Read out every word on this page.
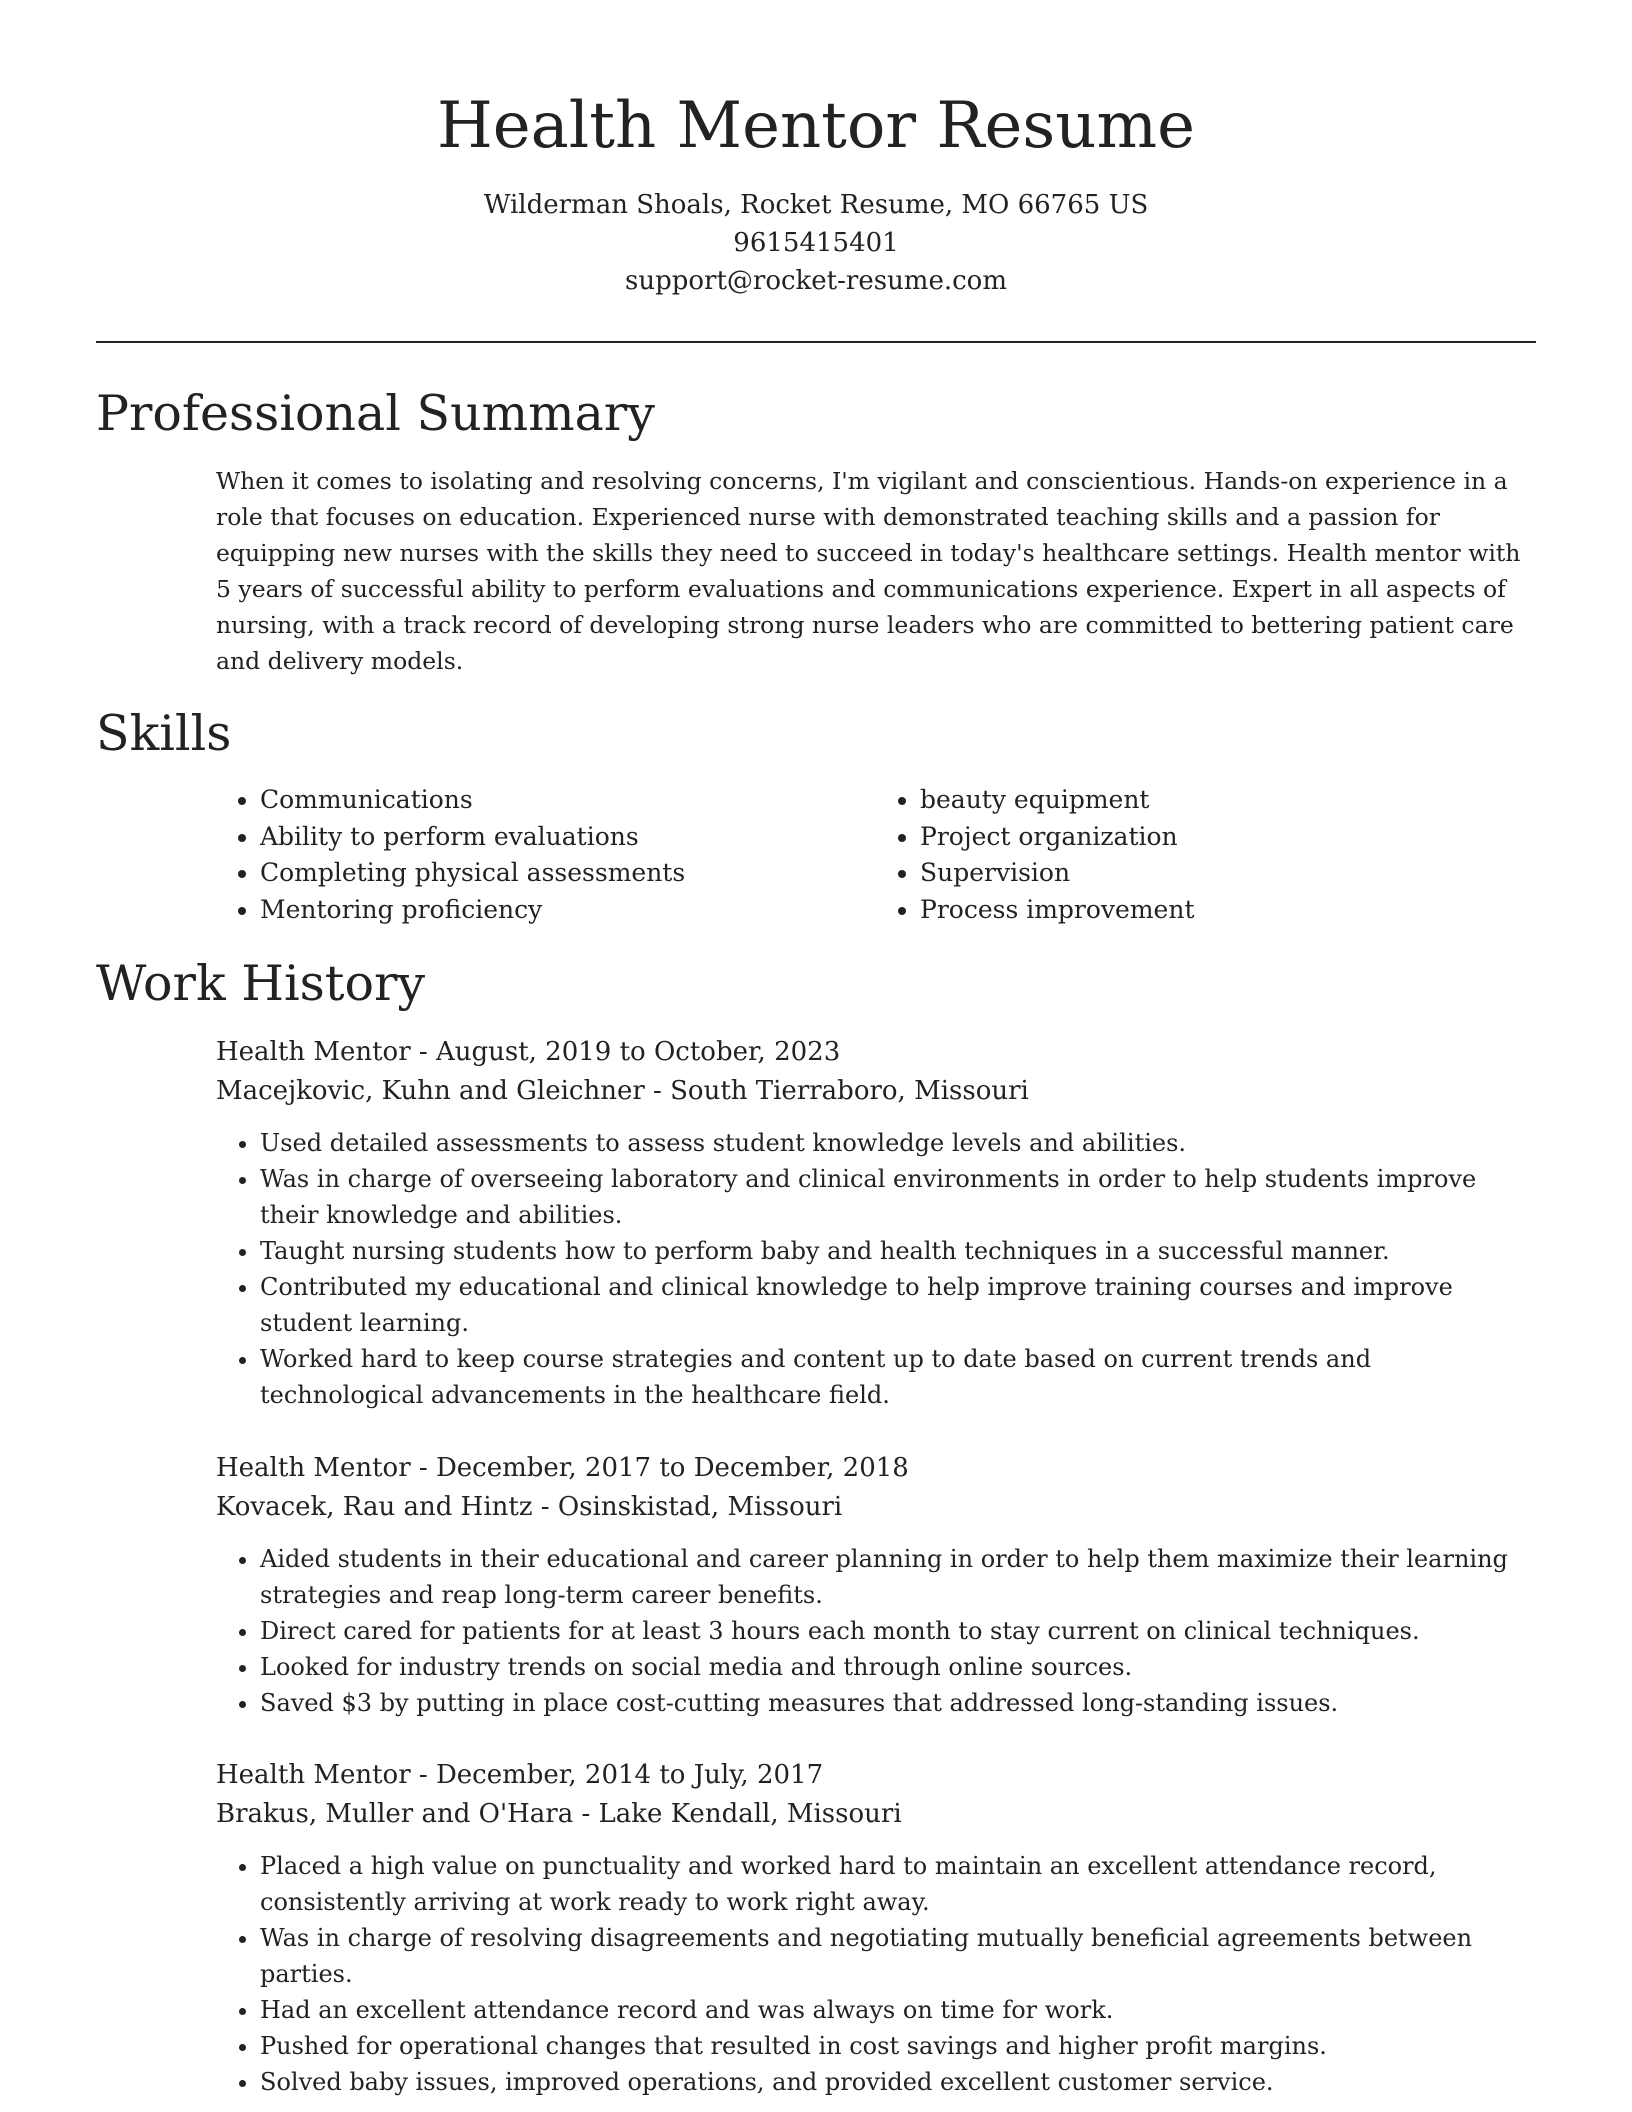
Health Mentor Resume
Wilderman Shoals, Rocket Resume, MO 66765 US
9615415401
support@rocket-resume.com
Professional Summary

When it comes to isolating and resolving concerns, I'm vigilant and conscientious. Hands-on experience in a role that focuses on education. Experienced nurse with demonstrated teaching skills and a passion for equipping new nurses with the skills they need to succeed in today's healthcare settings. Health mentor with 5 years of successful ability to perform evaluations and communications experience. Expert in all aspects of nursing, with a track record of developing strong nurse leaders who are committed to bettering patient care and delivery models.

Skills
• Communications
• Ability to perform evaluations
• Completing physical assessments
• Mentoring proficiency
• beauty equipment
• Project organization
• Supervision
• Process improvement
Work History
Health Mentor - August, 2019 to October, 2023
Macejkovic, Kuhn and Gleichner - South Tierraboro, Missouri
• Used detailed assessments to assess student knowledge levels and abilities.
• Was in charge of overseeing laboratory and clinical environments in order to help students improve their knowledge and abilities.
• Taught nursing students how to perform baby and health techniques in a successful manner.
• Contributed my educational and clinical knowledge to help improve training courses and improve student learning.
• Worked hard to keep course strategies and content up to date based on current trends and technological advancements in the healthcare field.
Health Mentor - December, 2017 to December, 2018
Kovacek, Rau and Hintz - Osinskistad, Missouri
• Aided students in their educational and career planning in order to help them maximize their learning strategies and reap long-term career benefits.
• Direct cared for patients for at least 3 hours each month to stay current on clinical techniques.
• Looked for industry trends on social media and through online sources.
• Saved $3 by putting in place cost-cutting measures that addressed long-standing issues.
Health Mentor - December, 2014 to July, 2017
Brakus, Muller and O'Hara - Lake Kendall, Missouri
• Placed a high value on punctuality and worked hard to maintain an excellent attendance record, consistently arriving at work ready to work right away.
• Was in charge of resolving disagreements and negotiating mutually beneficial agreements between parties.
• Had an excellent attendance record and was always on time for work.
• Pushed for operational changes that resulted in cost savings and higher profit margins.
• Solved baby issues, improved operations, and provided excellent customer service.
